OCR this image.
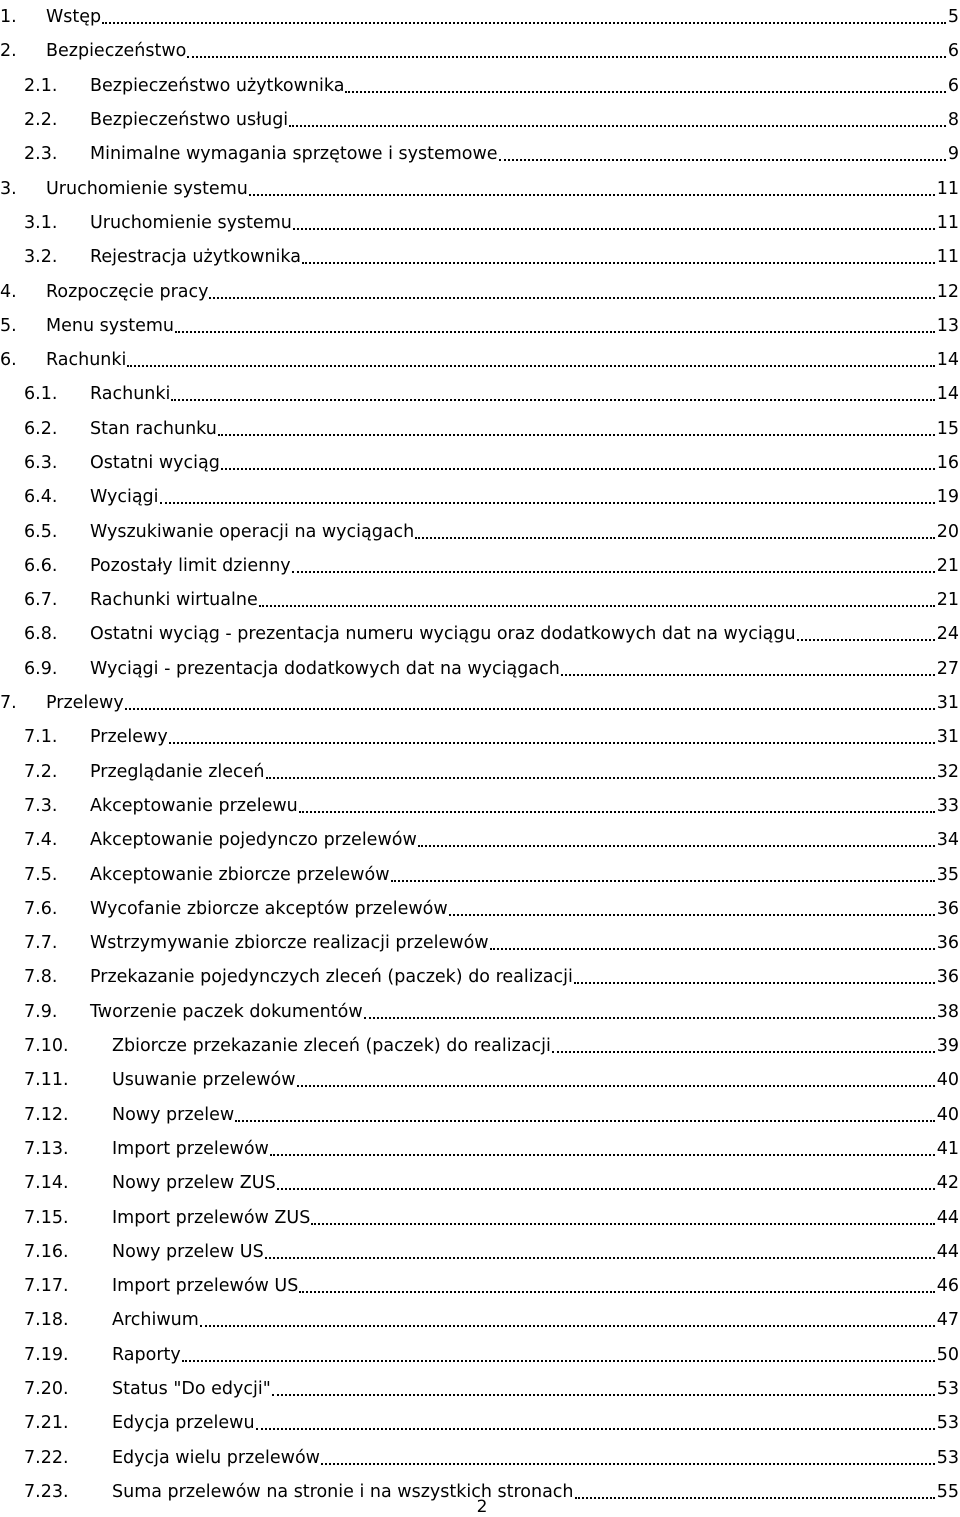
1.	Wstęp	5
2.	Bezpieczeństwo	6
2.1.	Bezpieczeństwo użytkownika	6
2.2.	Bezpieczeństwo usługi	8
2.3.	Minimalne wymagania sprzętowe i systemowe	9
3.	Uruchomienie systemu	11
3.1.	Uruchomienie systemu	11
3.2.	Rejestracja użytkownika	11
4.	Rozpoczęcie pracy	12
5.	Menu systemu	13
6.	Rachunki	14
6.1.	Rachunki	14
6.2.	Stan rachunku	15
6.3.	Ostatni wyciąg	16
6.4.	Wyciągi	19
6.5.	Wyszukiwanie operacji na wyciągach	20
6.6.	Pozostały limit dzienny	21
6.7.	Rachunki wirtualne	21
6.8.	Ostatni wyciąg - prezentacja numeru wyciągu oraz dodatkowych dat na wyciągu	24
6.9.	Wyciągi - prezentacja dodatkowych dat na wyciągach	27
7.	Przelewy	31
7.1.	Przelewy	31
7.2.	Przeglądanie zleceń	32
7.3.	Akceptowanie przelewu	33
7.4.	Akceptowanie pojedynczo przelewów	34
7.5.	Akceptowanie zbiorcze przelewów	35
7.6.	Wycofanie zbiorcze akceptów przelewów	36
7.7.	Wstrzymywanie zbiorcze realizacji przelewów	36
7.8.	Przekazanie pojedynczych zleceń (paczek) do realizacji	36
7.9.	Tworzenie paczek dokumentów	38
7.10.	Zbiorcze przekazanie zleceń (paczek) do realizacji	39
7.11.	Usuwanie przelewów	40
7.12.	Nowy przelew	40
7.13.	Import przelewów	41
7.14.	Nowy przelew ZUS	42
7.15.	Import przelewów ZUS	44
7.16.	Nowy przelew US	44
7.17.	Import przelewów US	46
7.18.	Archiwum	47
7.19.	Raporty	50
7.20.	Status "Do edycji"	53
7.21.	Edycja przelewu	53
7.22.	Edycja wielu przelewów	53
7.23.	Suma przelewów na stronie i na wszystkich stronach	55
2
